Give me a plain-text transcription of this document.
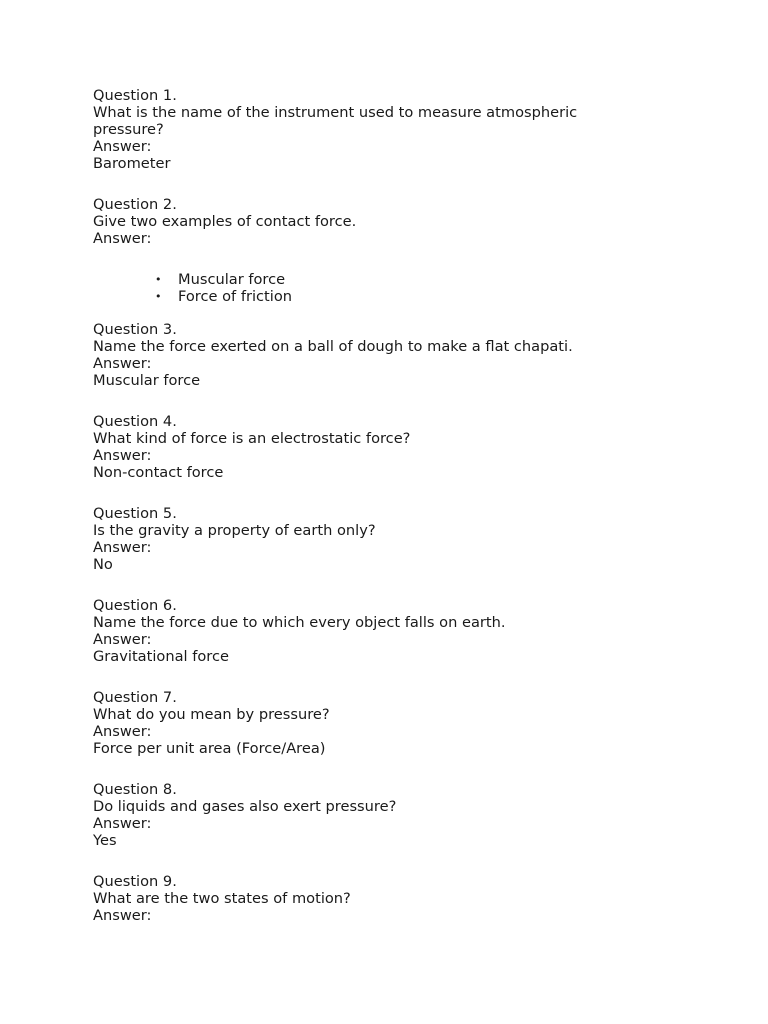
Question 1.
What is the name of the instrument used to measure atmospheric pressure?
Answer:
Barometer
Question 2.
Give two examples of contact force.
Answer:
• Muscular force
• Force of friction
Question 3.
Name the force exerted on a ball of dough to make a flat chapati.
Answer:
Muscular force
Question 4.
What kind of force is an electrostatic force?
Answer:
Non-contact force
Question 5.
Is the gravity a property of earth only?
Answer:
No
Question 6.
Name the force due to which every object falls on earth.
Answer:
Gravitational force
Question 7.
What do you mean by pressure?
Answer:
Force per unit area (Force/Area)
Question 8.
Do liquids and gases also exert pressure?
Answer:
Yes
Question 9.
What are the two states of motion?
Answer:
